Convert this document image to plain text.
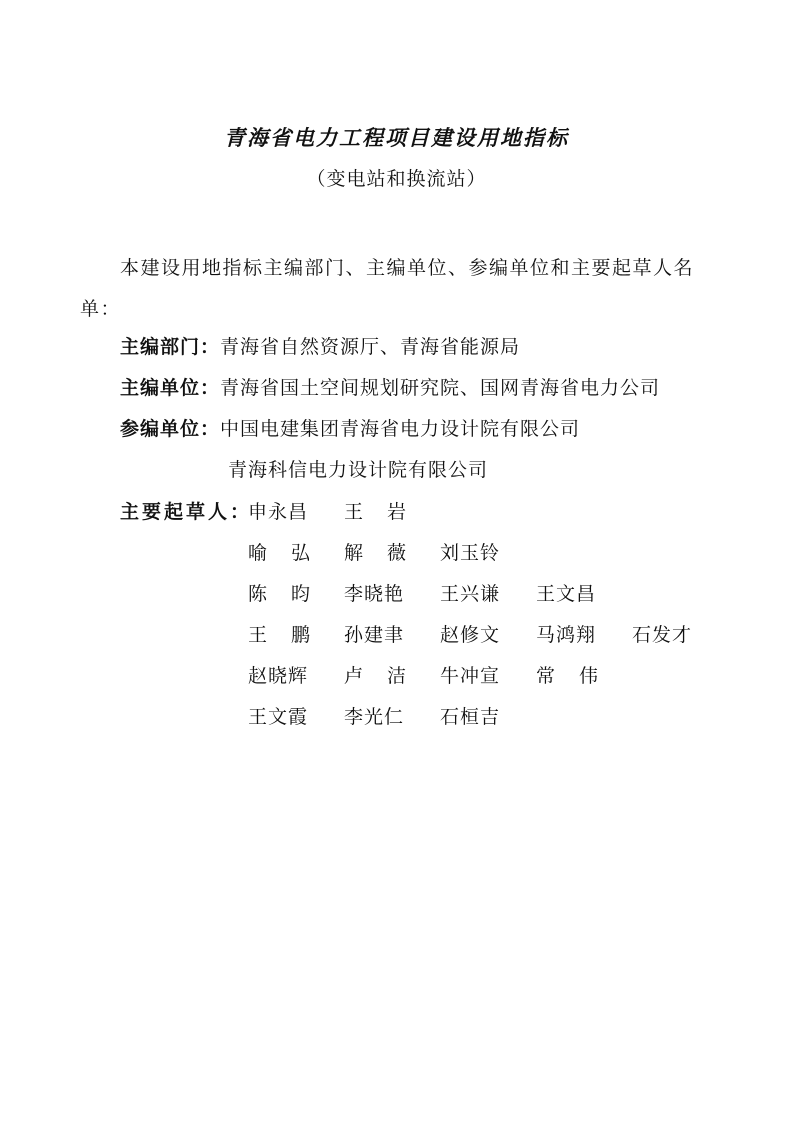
青海省电力工程项目建设用地指标
（变电站和换流站）

本建设用地指标主编部门、主编单位、参编单位和主要起草人名单：

主编部门：青海省自然资源厅、青海省能源局
主编单位：青海省国土空间规划研究院、国网青海省电力公司
参编单位：中国电建集团青海省电力设计院有限公司
青海科信电力设计院有限公司
主要起草人：
申永昌 王岩
喻弘 解薇 刘玉铃
陈昀 李晓艳 王兴谦 王文昌
王鹏 孙建聿 赵修文 马鸿翔 石发才
赵晓辉 卢洁 牛冲宣 常伟
王文霞 李光仁 石桓吉
